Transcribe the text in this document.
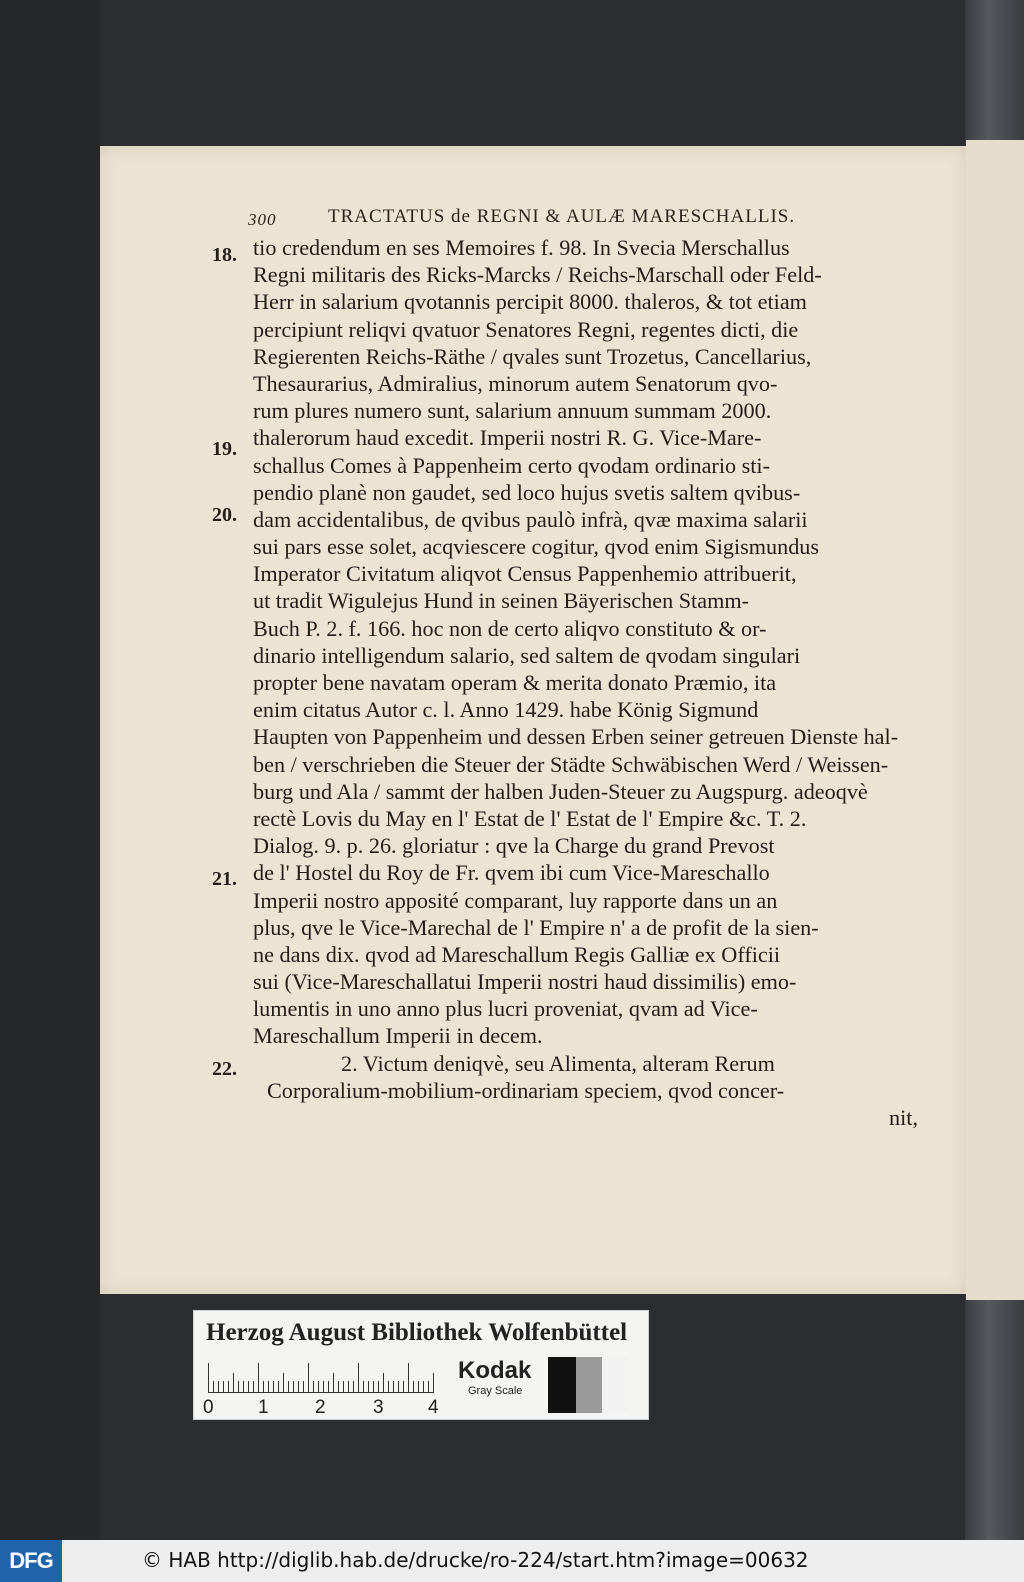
300	TRACTATUS de REGNI & AULÆ MARESCHALLIS.
18.
19.
20.
21.
22.
tio credendum en ses Memoires f. 98. In Svecia Merschallus
Regni militaris des Ricks-Marcks / Reichs-Marschall oder Feld-
Herr in salarium qvotannis percipit 8000. thaleros, & tot etiam
percipiunt reliqvi qvatuor Senatores Regni, regentes dicti, die
Regierenten Reichs-Räthe / qvales sunt Trozetus, Cancellarius,
Thesaurarius, Admiralius, minorum autem Senatorum qvo-
rum plures numero sunt, salarium annuum summam 2000.
thalerorum haud excedit. Imperii nostri R. G. Vice-Mare-
schallus Comes à Pappenheim certo qvodam ordinario sti-
pendio planè non gaudet, sed loco hujus svetis saltem qvibus-
dam accidentalibus, de qvibus paulò infrà, qvæ maxima salarii
sui pars esse solet, acqviescere cogitur, qvod enim Sigismundus
Imperator Civitatum aliqvot Census Pappenhemio attribuerit,
ut tradit Wigulejus Hund in seinen Bäyerischen Stamm-
Buch P. 2. f. 166. hoc non de certo aliqvo constituto & or-
dinario intelligendum salario, sed saltem de qvodam singulari
propter bene navatam operam & merita donato Præmio, ita
enim citatus Autor c. l. Anno 1429. habe König Sigmund
Haupten von Pappenheim und dessen Erben seiner getreuen Dienste hal-
ben / verschrieben die Steuer der Städte Schwäbischen Werd / Weissen-
burg und Ala / sammt der halben Juden-Steuer zu Augspurg. adeoqvè
rectè Lovis du May en l' Estat de l' Estat de l' Empire &c. T. 2.
Dialog. 9. p. 26. gloriatur : qve la Charge du grand Prevost
de l' Hostel du Roy de Fr. qvem ibi cum Vice-Mareschallo
Imperii nostro apposité comparant, luy rapporte dans un an
plus, qve le Vice-Marechal de l' Empire n' a de profit de la sien-
ne dans dix. qvod ad Mareschallum Regis Galliæ ex Officii
sui (Vice-Mareschallatui Imperii nostri haud dissimilis) emo-
lumentis in uno anno plus lucri proveniat, qvam ad Vice-
Mareschallum Imperii in decem.
2. Victum deniqvè, seu Alimenta, alteram Rerum
Corporalium-mobilium-ordinariam speciem, qvod concer-
nit,
Herzog August Bibliothek Wolfenbüttel
0 1 2 3 4
Kodak
Gray Scale
DFG	© HAB http://diglib.hab.de/drucke/ro-224/start.htm?image=00632
